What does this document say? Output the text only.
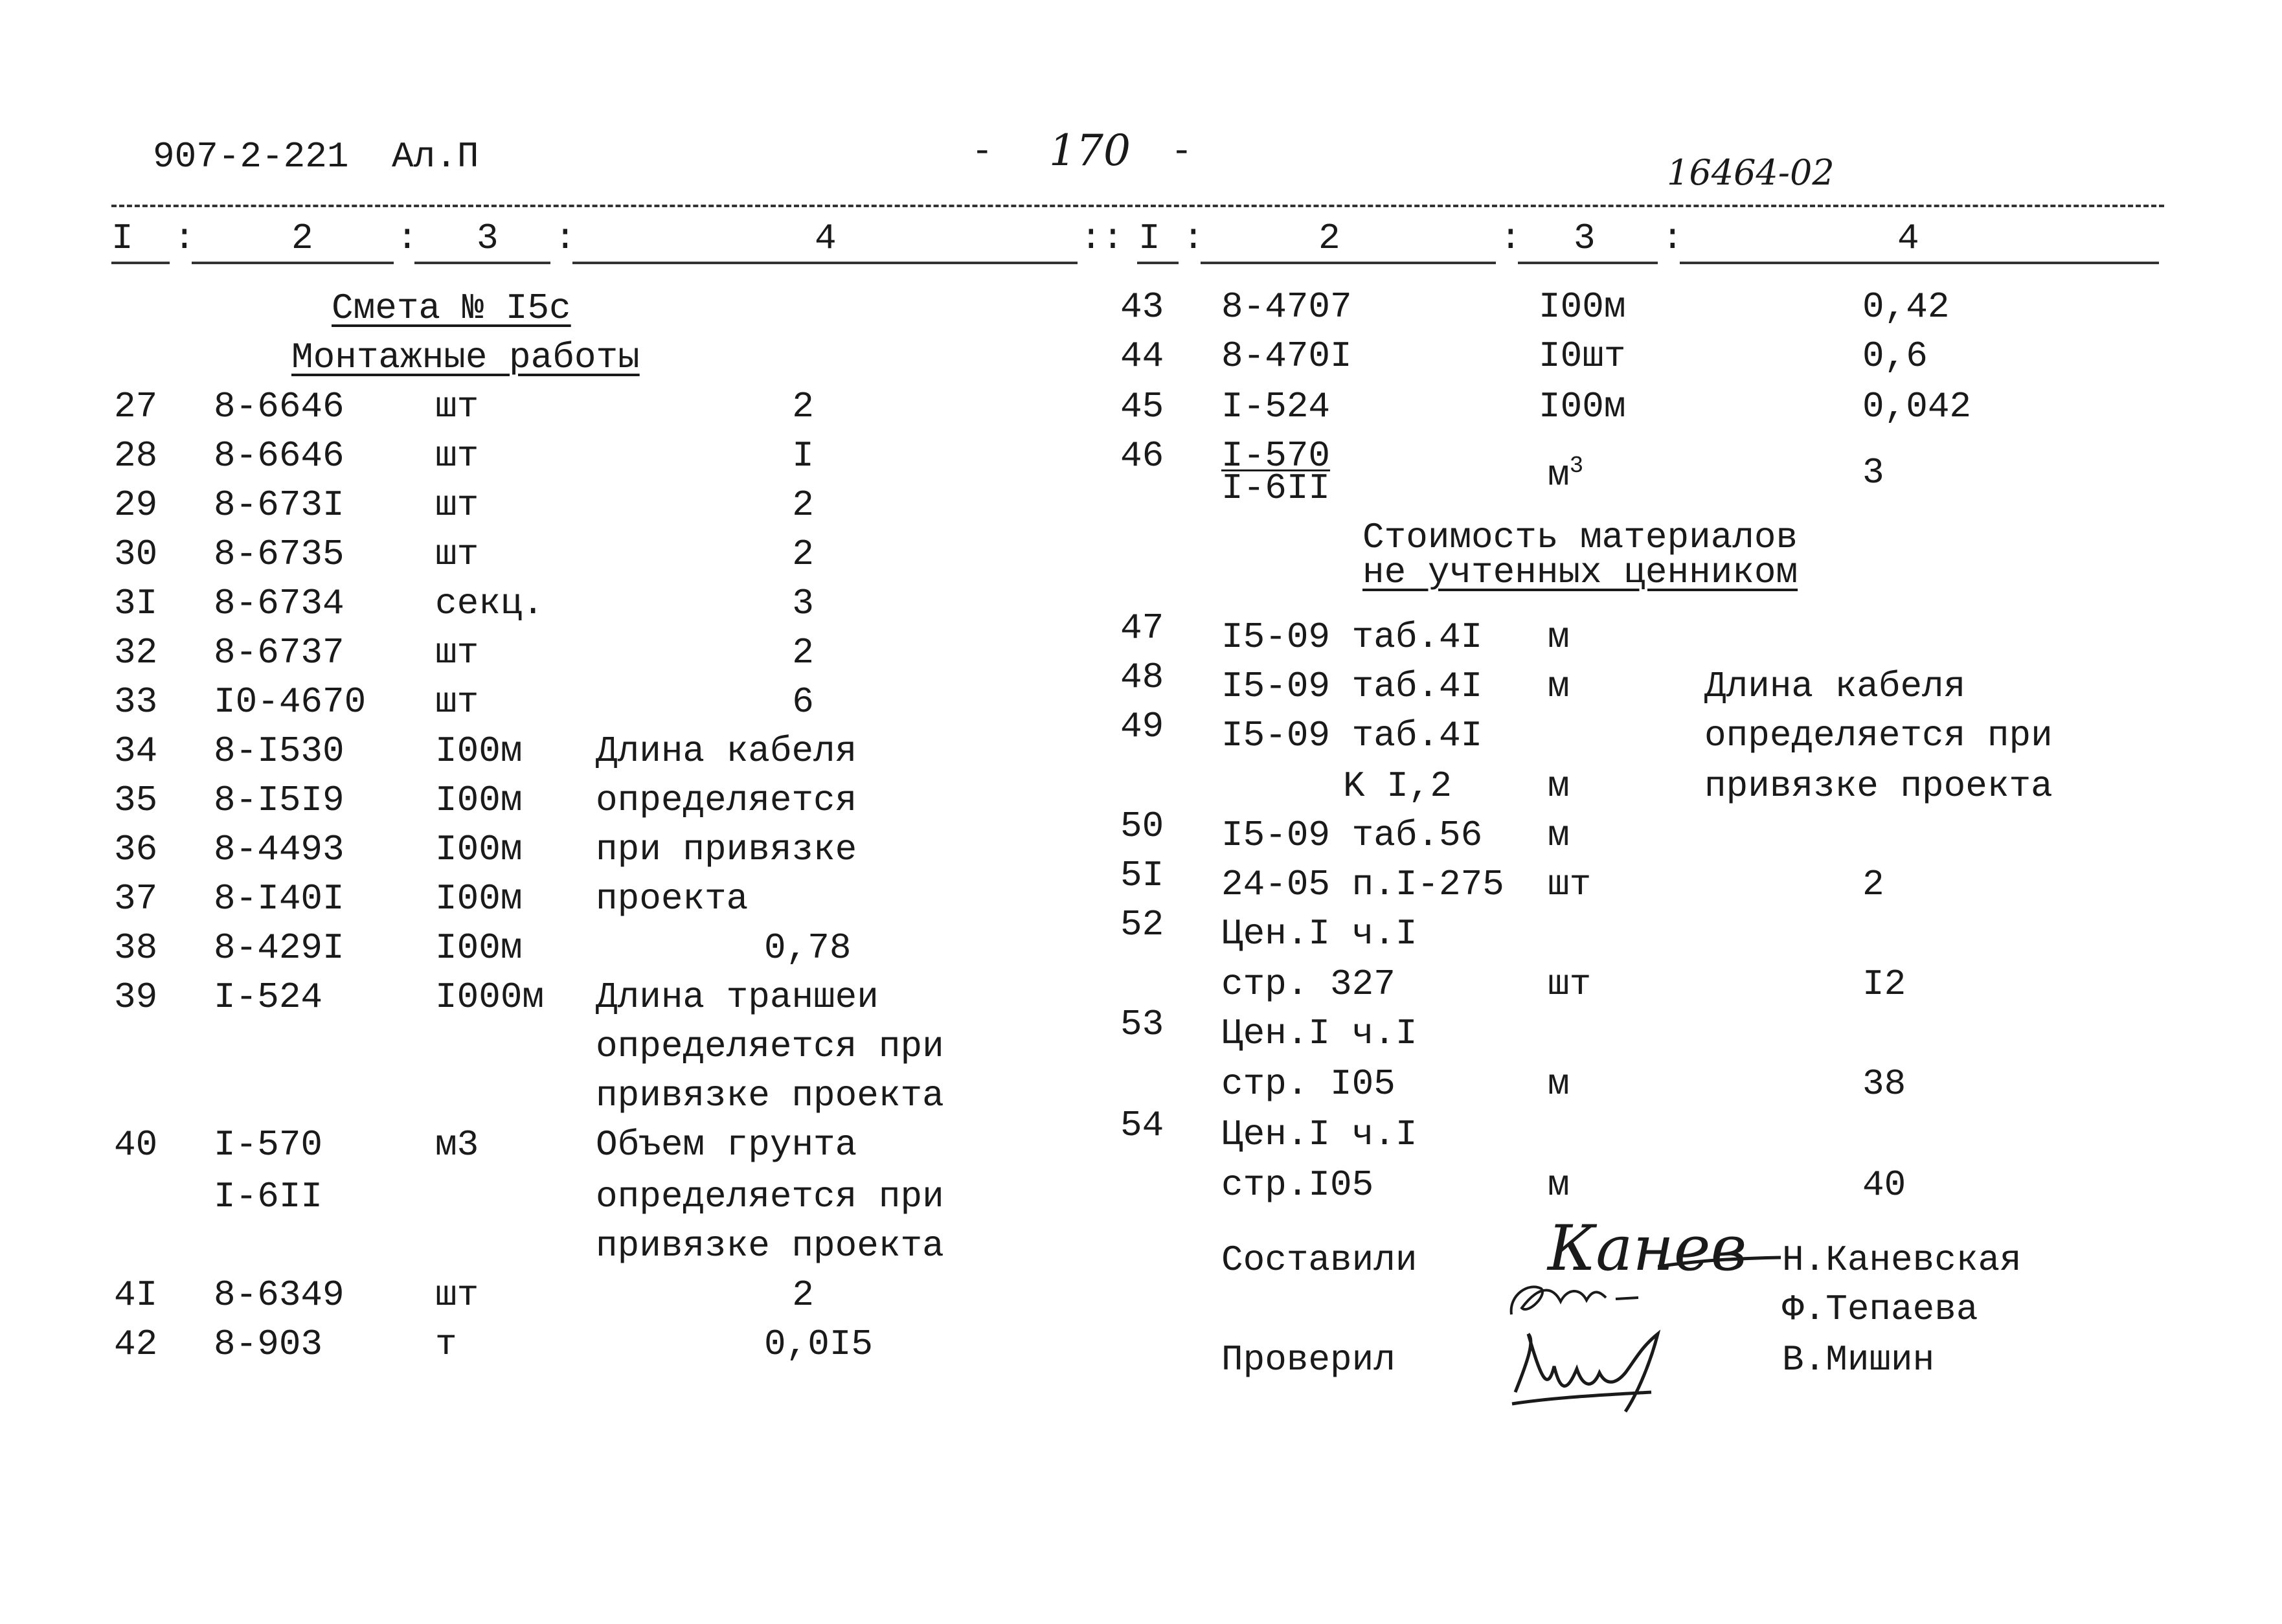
907-2-221 Ал.П	- 170 -
16464-02
I :	2 : 3 :	4	:: I :	2	: 3 :	4
Смета № I5с
Монтажные работы
27 8-6646	шт	2
28 8-6646	шт	I
29 8-673I	шт	2
30 8-6735	шт	2
3I 8-6734	секц.	3
32 8-6737	шт	2
33 I0-4670 шт	6
34 8-I530	I00м Длина кабеля
35 8-I5I9	I00м определяется
36 8-4493	I00м при привязке
37 8-I40I	I00м проекта
38 8-429I	I00м	0,78
39 I-524	I000м Длина траншеи
определяется при
привязке проекта
40 I-570	м3	Объем грунта
I-6II	определяется при
привязке проекта
4I 8-6349	шт	2
42 8-903	т	0,0I5
43 8-4707	I00м	0,42
44 8-470I	I0шт	0,6
45 I-524	I00м	0,042
46 I-570
I-6II	$м^3$	3
Стоимость материалов
не учтенных ценником
47 I5-09 таб.4I м
48 I5-09 таб.4I м	Длина кабеля
49 I5-09 таб.4I	определяется при
K I,2	м	привязке проекта
50 I5-09 таб.56 м
5I 24-05 п.I-275 шт	2
52 Цен.I ч.I
стр. 327	шт	I2
53 Цен.I ч.I
стр. I05	м	38
54 Цен.I ч.I
стр.I05	м	40
Составили
Проверил
Н.Каневская
Ф.Тепаева
В.Мишин
Канев
